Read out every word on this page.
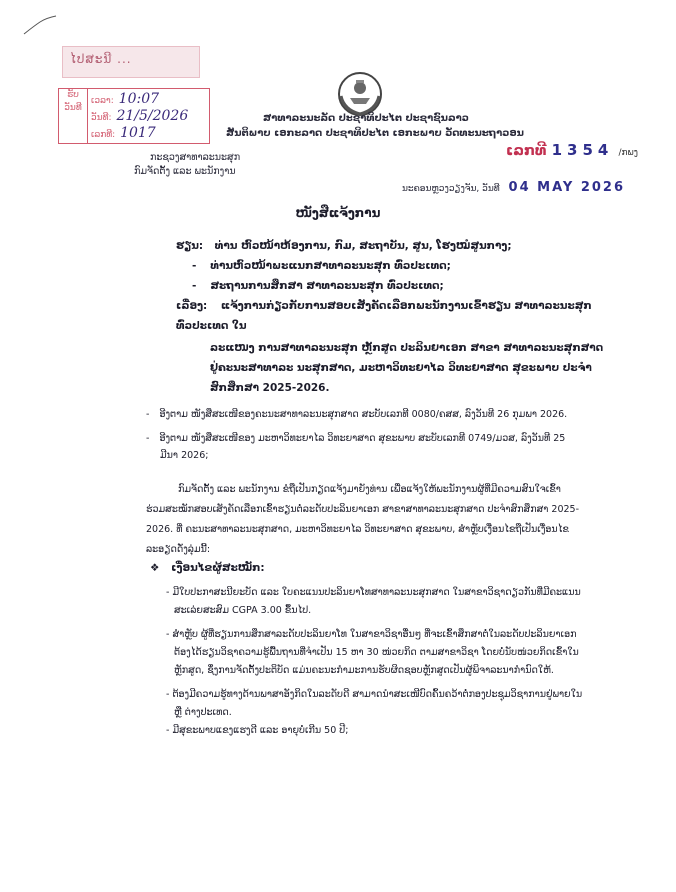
ໄປສະນີ ...
ຮັບ ວັນທີ
ເວລາ: 10:07
ວັນທີ: 21/5/2026
ເລກທີ: 1017
ສາທາລະນະລັດ ປະຊາທິປະໄຕ ປະຊາຊົນລາວ
ສັນຕິພາບ ເອກະລາດ ປະຊາທິປະໄຕ ເອກະພາບ ວັດທະນະຖາວອນ
ກະຊວງສາທາລະນະສຸກ
ກົມຈັດຕັ້ງ ແລະ ພະນັກງານ
ເລກທີ 1354 /ກພງ
ນະຄອນຫຼວງວຽງຈັນ, ວັນທີ 04 MAY 2026
ໜັງສືແຈ້ງການ
ຮຽນ: ທ່ານ ຫົວໜ້າຫ້ອງການ, ກົມ, ສະຖາບັນ, ສູນ, ໂຮງໝໍສູນກາງ;
- ທ່ານຫົວໜ້າພະແນກສາທາລະນະສຸກ ທົ່ວປະເທດ;
- ສະຖານການສຶກສາ ສາທາລະນະສຸກ ທົ່ວປະເທດ;
ເລື່ອງ: ແຈ້ງການກ່ຽວກັບການສອບເສັງຄັດເລືອກພະນັກງານເຂົ້າຮຽນ ສາທາລະນະສຸກ
ທົ່ວປະເທດ ໃນ
ລະແໜງ ການສາທາລະນະສຸກ ຫຼັກສູດ ປະລິນຍາເອກ ສາຂາ ສາທາລະນະສຸກສາດ
ຢູ່ຄະນະສາທາລະ ນະສຸກສາດ, ມະຫາວິທະຍາໄລ ວິທະຍາສາດ ສຸຂະພາບ ປະຈຳ
ສົກສຶກສາ 2025-2026.
- ອີງຕາມ ໜັງສືສະເໜີຂອງຄະນະສາທາລະນະສຸກສາດ ສະບັບເລກທີ 0080/ຄສສ, ລົງວັນທີ 26 ກຸມພາ 2026.
- ອີງຕາມ ໜັງສືສະເໜີຂອງ ມະຫາວິທະຍາໄລ ວິທະຍາສາດ ສຸຂະພາບ ສະບັບເລກທີ 0749/ມວສ, ລົງວັນທີ 25
ມີນາ 2026;
ກົມຈັດຕັ້ງ ແລະ ພະນັກງານ ຂໍຖືເປັນກຽດແຈ້ງມາຍັງທ່ານ ເພື່ອແຈ້ງໃຫ້ພະນັກງານຜູ້ທີ່ມີຄວາມສົນໃຈເຂົ້າ
ຮ່ວມສະໝັກສອບເສັງຄັດເລືອກເຂົ້າຮຽນຕໍ່ລະດັບປະລິນຍາເອກ ສາຂາສາທາລະນະສຸກສາດ ປະຈຳສົກສຶກສາ 2025-
2026. ທີ່ ຄະນະສາທາລະນະສຸກສາດ, ມະຫາວິທະຍາໄລ ວິທະຍາສາດ ສຸຂະພາບ, ສຳຫຼັບເງື່ອນໄຂຖືເປັນເງື່ອນໄຂ
ລະອຽດດັ່ງລຸ່ມນີ້:
❖ ເງື່ອນໄຂຜູ້ສະໝັກ:
- ມີໃບປະກາສະນີຍະບັດ ແລະ ໃບຄະແນນປະລິນຍາໂທສາທາລະນະສຸກສາດ ໃນສາຂາວິຊາດຽວກັນທີ່ມີຄະແນນ
ສະເລ່ຍສະສົມ CGPA 3.00 ຂຶ້ນໄປ.
- ສຳຫຼັບ ຜູ້ທີ່ຮຽນການສຶກສາລະດັບປະລິນຍາໂທ ໃນສາຂາວິຊາອື່ນໆ ທີ່ຈະເຂົ້າສຶກສາຕໍ່ໃນລະດັບປະລິນຍາເອກ
ຕ້ອງໄດ້ຮຽນວິຊາຄວາມຮູ້ພື້ນຖານທີ່ຈຳເປັນ 15 ຫາ 30 ໜ່ວຍກິດ ຕາມສາຂາວິຊາ ໂດຍບໍ່ນັບໜ່ວຍກິດເຂົ້າໃນ
ຫຼັກສູດ, ຊຶ່ງການຈັດຕັ້ງປະຕິບັດ ແມ່ນຄະນະກຳມະການຮັບຜິດຊອບຫຼັກສູດເປັນຜູ້ພິຈາລະນາກຳນົດໃຫ້.
- ຕ້ອງມີຄວາມຮູ້ທາງດ້ານພາສາອັງກິດໃນລະດັບດີ ສາມາດນຳສະເໜີບົດຄົ້ນຄວ້າຕໍ່ກອງປະຊຸມວິຊາການຢູ່ພາຍໃນ
ຫຼື ຕ່າງປະເທດ.
- ມີສຸຂະພາບແຂງແຮງດີ ແລະ ອາຍຸບໍ່ເກີນ 50 ປີ;
